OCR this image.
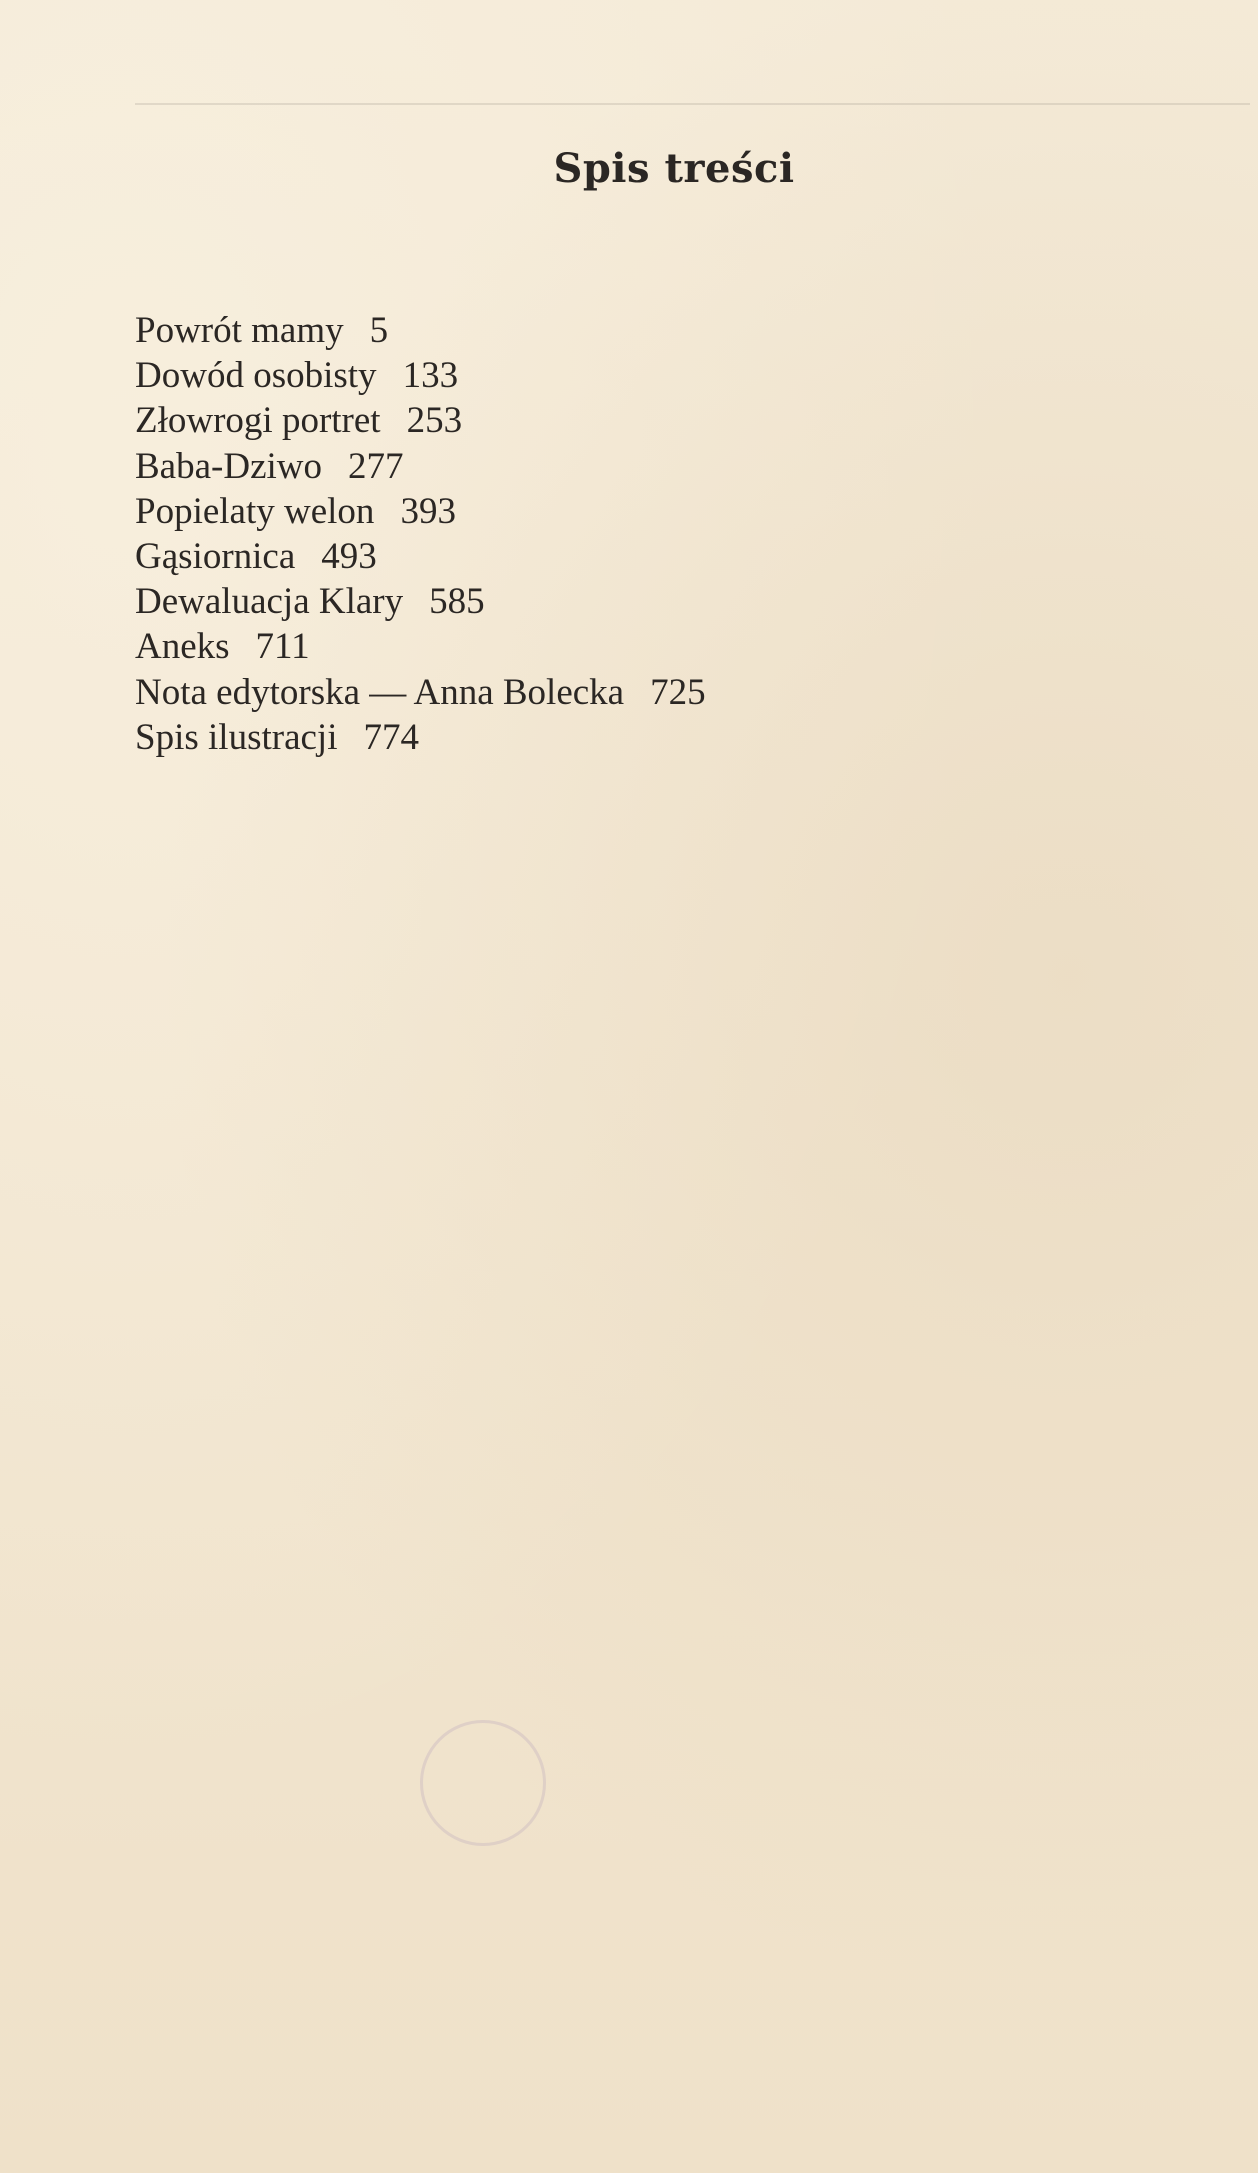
Spis treści
Powrót mamy 5
Dowód osobisty 133
Złowrogi portret 253
Baba-Dziwo 277
Popielaty welon 393
Gąsiornica 493
Dewaluacja Klary 585
Aneks 711
Nota edytorska — Anna Bolecka 725
Spis ilustracji 774
